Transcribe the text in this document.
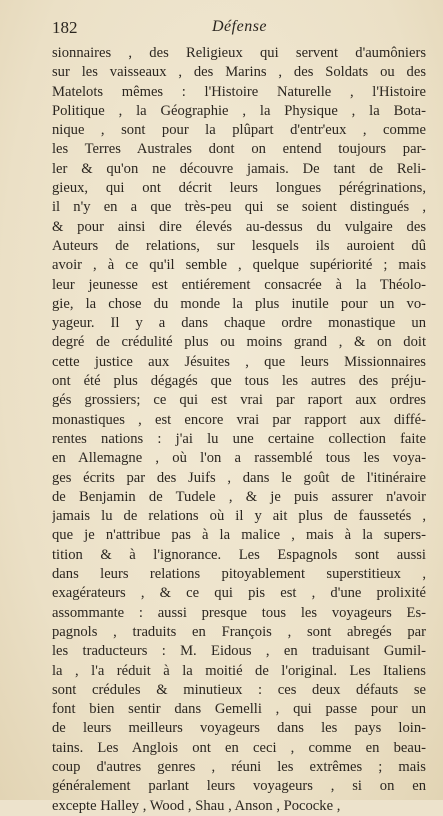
182	Défense
sionnaires , des Religieux qui servent d'aumôniers
sur les vaisseaux , des Marins , des Soldats ou des
Matelots mêmes : l'Histoire Naturelle , l'Histoire
Politique , la Géographie , la Physique , la Bota-
nique , sont pour la plûpart d'entr'eux , comme
les Terres Australes dont on entend toujours par-
ler & qu'on ne découvre jamais. De tant de Reli-
gieux, qui ont décrit leurs longues pérégrinations,
il n'y en a que très-peu qui se soient distingués ,
& pour ainsi dire élevés au-dessus du vulgaire des
Auteurs de relations, sur lesquels ils auroient dû
avoir , à ce qu'il semble , quelque supériorité ; mais
leur jeunesse est entiérement consacrée à la Théolo-
gie, la chose du monde la plus inutile pour un vo-
yageur. Il y a dans chaque ordre monastique un
degré de crédulité plus ou moins grand , & on doit
cette justice aux Jésuites , que leurs Missionnaires
ont été plus dégagés que tous les autres des préju-
gés grossiers; ce qui est vrai par raport aux ordres
monastiques , est encore vrai par rapport aux diffé-
rentes nations : j'ai lu une certaine collection faite
en Allemagne , où l'on a rassemblé tous les voya-
ges écrits par des Juifs , dans le goût de l'itinéraire
de Benjamin de Tudele , & je puis assurer n'avoir
jamais lu de relations où il y ait plus de faussetés ,
que je n'attribue pas à la malice , mais à la supers-
tition & à l'ignorance. Les Espagnols sont aussi
dans leurs relations pitoyablement superstitieux ,
exagérateurs , & ce qui pis est , d'une prolixité
assommante : aussi presque tous les voyageurs Es-
pagnols , traduits en François , sont abregés par
les traducteurs : M. Eidous , en traduisant Gumil-
la , l'a réduit à la moitié de l'original. Les Italiens
sont crédules & minutieux : ces deux défauts se
font bien sentir dans Gemelli , qui passe pour un
de leurs meilleurs voyageurs dans les pays loin-
tains. Les Anglois ont en ceci , comme en beau-
coup d'autres genres , réuni les extrêmes ; mais
généralement parlant leurs voyageurs , si on en
excepte Halley , Wood , Shau , Anson , Pococke ,
